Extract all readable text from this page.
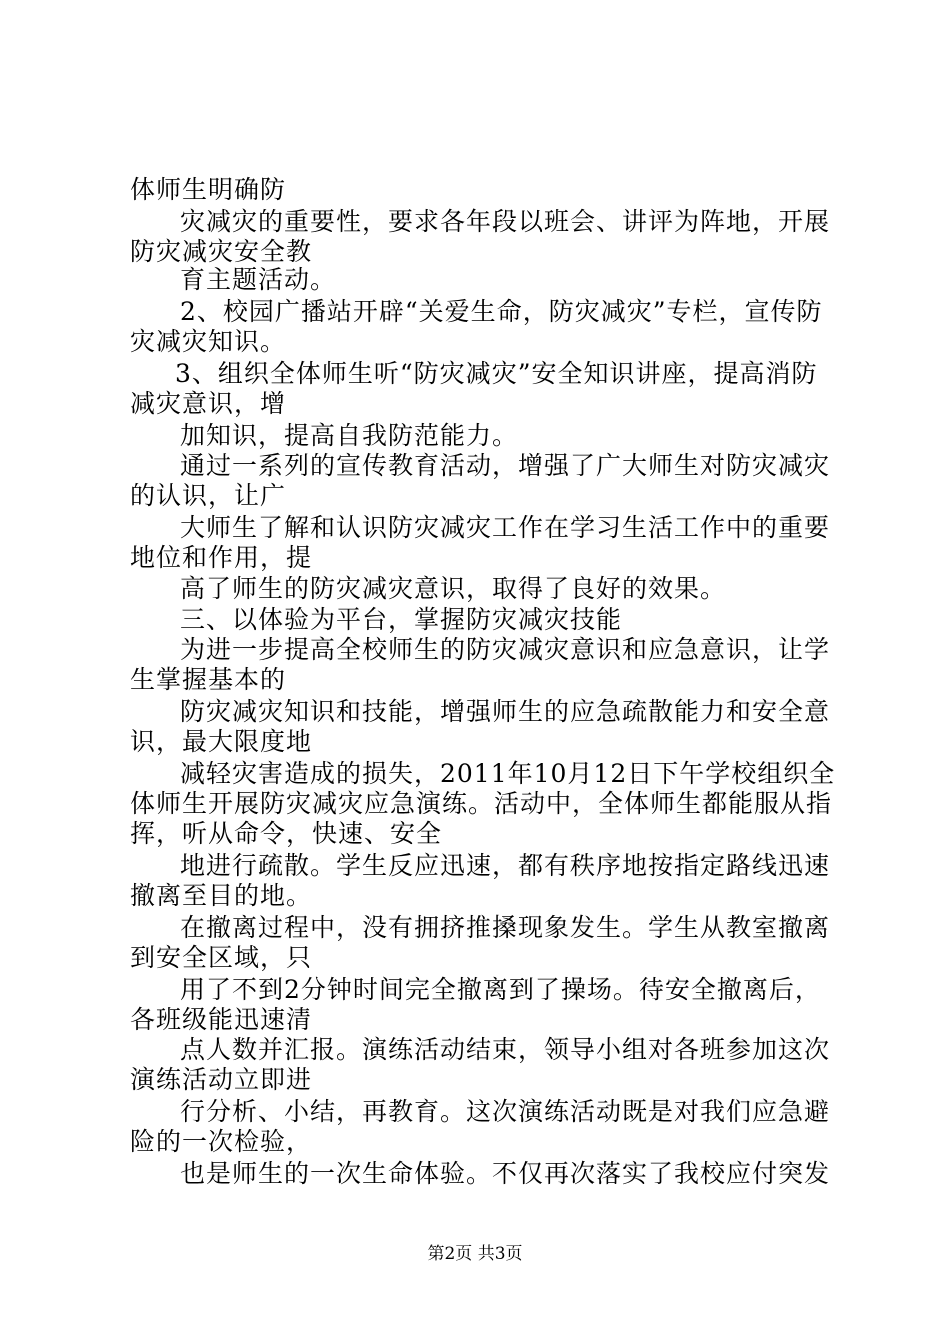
体师生明确防
灾减灾的重要性，要求各年段以班会、讲评为阵地，开展
防灾减灾安全教
育主题活动。
2、校园广播站开辟“关爱生命，防灾减灾”专栏，宣传防
灾减灾知识。
3、组织全体师生听“防灾减灾”安全知识讲座，提高消防
减灾意识，增
加知识，提高自我防范能力。
通过一系列的宣传教育活动，增强了广大师生对防灾减灾
的认识，让广
大师生了解和认识防灾减灾工作在学习生活工作中的重要
地位和作用，提
高了师生的防灾减灾意识，取得了良好的效果。
三、以体验为平台，掌握防灾减灾技能
为进一步提高全校师生的防灾减灾意识和应急意识，让学
生掌握基本的
防灾减灾知识和技能，增强师生的应急疏散能力和安全意
识，最大限度地
减轻灾害造成的损失，2011年10月12日下午学校组织全
体师生开展防灾减灾应急演练。活动中，全体师生都能服从指
挥，听从命令，快速、安全
地进行疏散。学生反应迅速，都有秩序地按指定路线迅速
撤离至目的地。
在撤离过程中，没有拥挤推搡现象发生。学生从教室撤离
到安全区域，只
用了不到2分钟时间完全撤离到了操场。待安全撤离后，
各班级能迅速清
点人数并汇报。演练活动结束，领导小组对各班参加这次
演练活动立即进
行分析、小结，再教育。这次演练活动既是对我们应急避
险的一次检验，
也是师生的一次生命体验。不仅再次落实了我校应付突发
第2页 共3页
